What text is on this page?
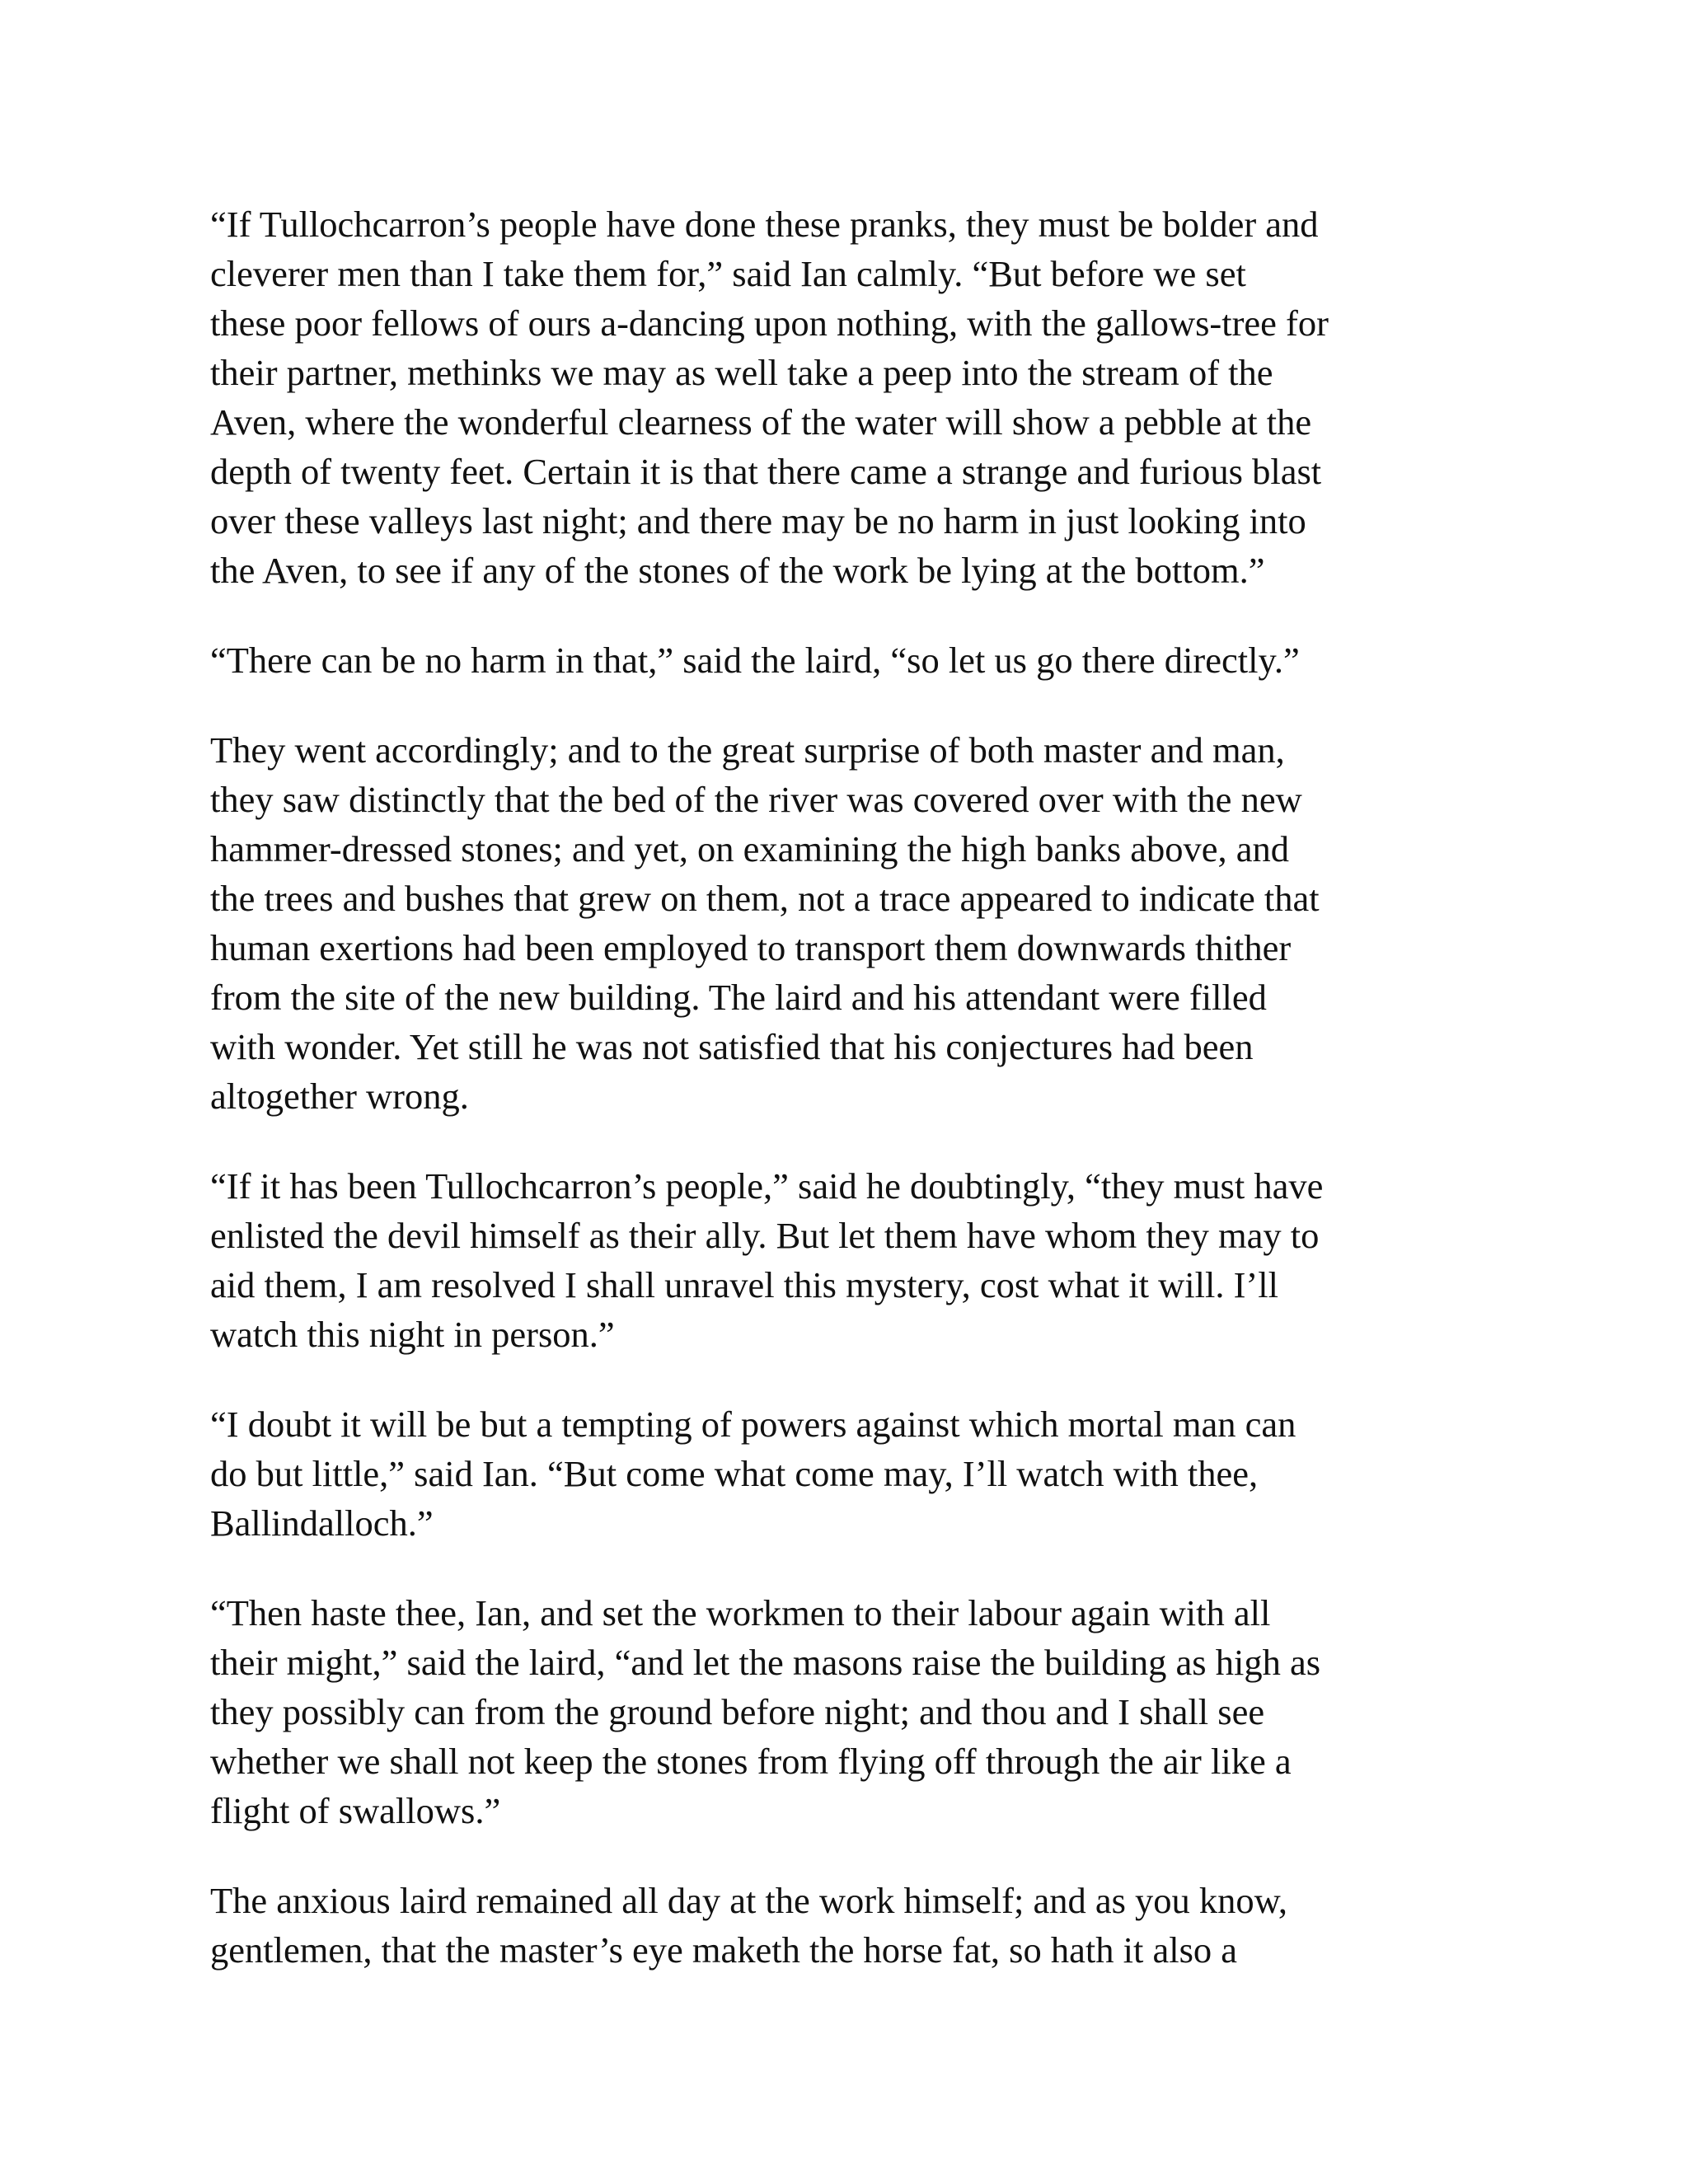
“If Tullochcarron’s people have done these pranks, they must be bolder and
cleverer men than I take them for,” said Ian calmly. “But before we set
these poor fellows of ours a-dancing upon nothing, with the gallows-tree for
their partner, methinks we may as well take a peep into the stream of the
Aven, where the wonderful clearness of the water will show a pebble at the
depth of twenty feet. Certain it is that there came a strange and furious blast
over these valleys last night; and there may be no harm in just looking into
the Aven, to see if any of the stones of the work be lying at the bottom.”

“There can be no harm in that,” said the laird, “so let us go there directly.”

They went accordingly; and to the great surprise of both master and man,
they saw distinctly that the bed of the river was covered over with the new
hammer-dressed stones; and yet, on examining the high banks above, and
the trees and bushes that grew on them, not a trace appeared to indicate that
human exertions had been employed to transport them downwards thither
from the site of the new building. The laird and his attendant were filled
with wonder. Yet still he was not satisfied that his conjectures had been
altogether wrong.

“If it has been Tullochcarron’s people,” said he doubtingly, “they must have
enlisted the devil himself as their ally. But let them have whom they may to
aid them, I am resolved I shall unravel this mystery, cost what it will. I’ll
watch this night in person.”

“I doubt it will be but a tempting of powers against which mortal man can
do but little,” said Ian. “But come what come may, I’ll watch with thee,
Ballindalloch.”

“Then haste thee, Ian, and set the workmen to their labour again with all
their might,” said the laird, “and let the masons raise the building as high as
they possibly can from the ground before night; and thou and I shall see
whether we shall not keep the stones from flying off through the air like a
flight of swallows.”

The anxious laird remained all day at the work himself; and as you know,
gentlemen, that the master’s eye maketh the horse fat, so hath it also a
